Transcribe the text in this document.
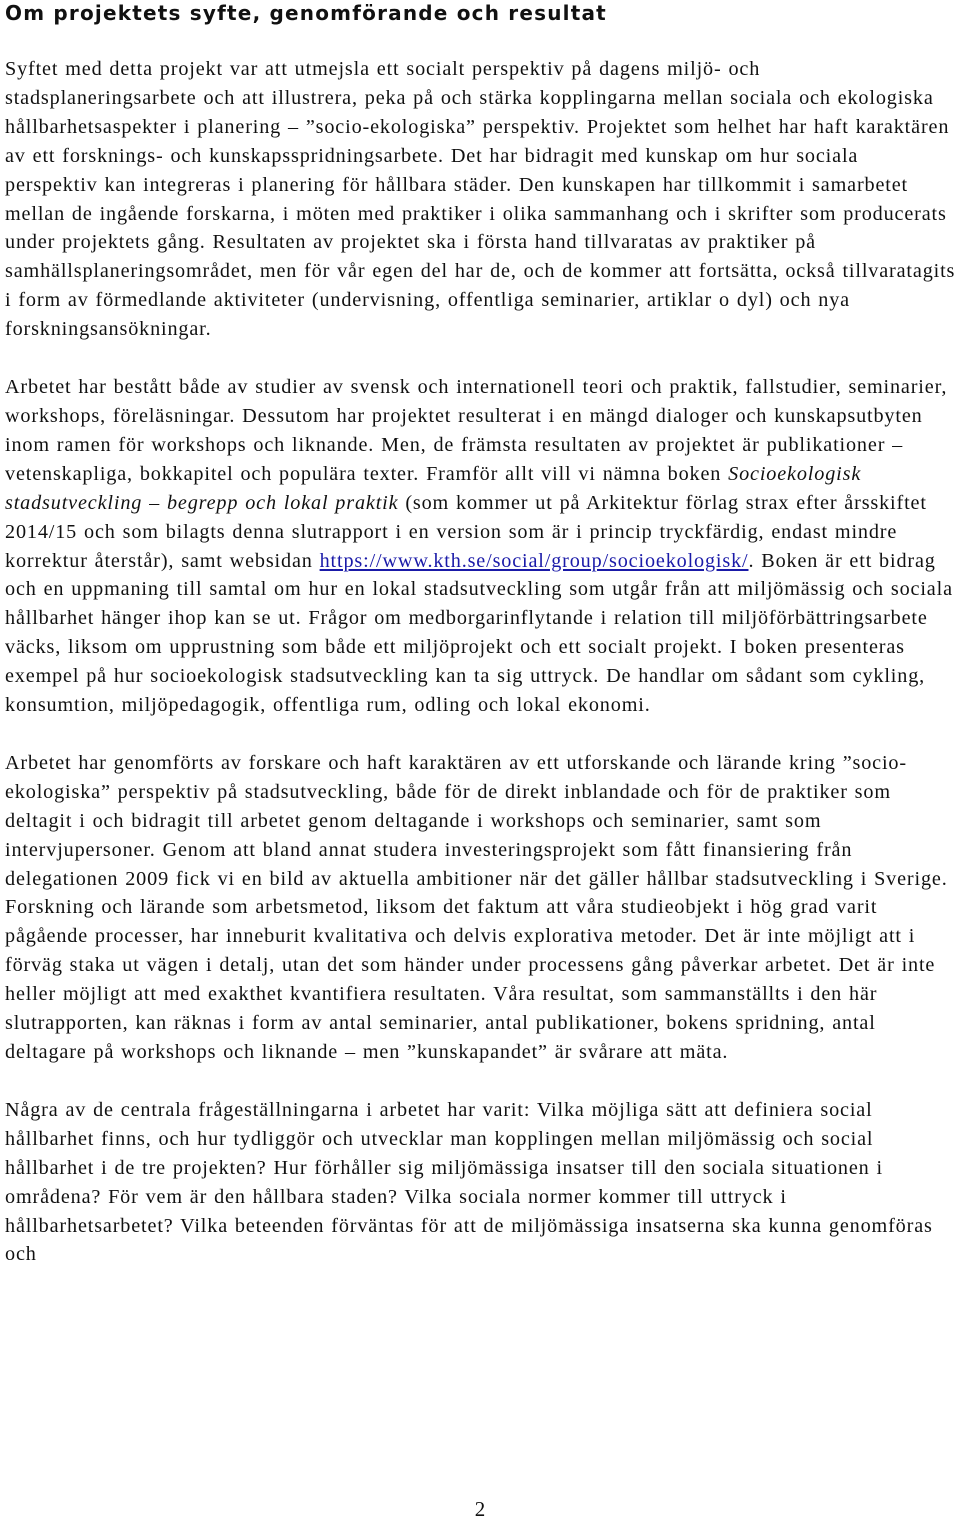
Om projektets syfte, genomförande och resultat

Syftet med detta projekt var att utmejsla ett socialt perspektiv på dagens miljö- och stadsplaneringsarbete och att illustrera, peka på och stärka kopplingarna mellan sociala och ekologiska hållbarhetsaspekter i planering – ”socio-ekologiska” perspektiv. Projektet som helhet har haft karaktären av ett forsknings- och kunskapsspridningsarbete. Det har bidragit med kunskap om hur sociala perspektiv kan integreras i planering för hållbara städer. Den kunskapen har tillkommit i samarbetet mellan de ingående forskarna, i möten med praktiker i olika sammanhang och i skrifter som producerats under projektets gång. Resultaten av projektet ska i första hand tillvaratas av praktiker på samhällsplaneringsområdet, men för vår egen del har de, och de kommer att fortsätta, också tillvaratagits i form av förmedlande aktiviteter (undervisning, offentliga seminarier, artiklar o dyl) och nya forskningsansökningar.

Arbetet har bestått både av studier av svensk och internationell teori och praktik, fallstudier, seminarier, workshops, föreläsningar. Dessutom har projektet resulterat i en mängd dialoger och kunskapsutbyten inom ramen för workshops och liknande. Men, de främsta resultaten av projektet är publikationer – vetenskapliga, bokkapitel och populära texter. Framför allt vill vi nämna boken Socioekologisk stadsutveckling – begrepp och lokal praktik (som kommer ut på Arkitektur förlag strax efter årsskiftet 2014/15 och som bilagts denna slutrapport i en version som är i princip tryckfärdig, endast mindre korrektur återstår), samt websidan https://www.kth.se/social/group/socioekologisk/. Boken är ett bidrag och en uppmaning till samtal om hur en lokal stadsutveckling som utgår från att miljömässig och sociala hållbarhet hänger ihop kan se ut. Frågor om medborgarinflytande i relation till miljöförbättringsarbete väcks, liksom om upprustning som både ett miljöprojekt och ett socialt projekt. I boken presenteras exempel på hur socioekologisk stadsutveckling kan ta sig uttryck. De handlar om sådant som cykling, konsumtion, miljöpedagogik, offentliga rum, odling och lokal ekonomi.

Arbetet har genomförts av forskare och haft karaktären av ett utforskande och lärande kring ”socio-ekologiska” perspektiv på stadsutveckling, både för de direkt inblandade och för de praktiker som deltagit i och bidragit till arbetet genom deltagande i workshops och seminarier, samt som intervjupersoner. Genom att bland annat studera investeringsprojekt som fått finansiering från delegationen 2009 fick vi en bild av aktuella ambitioner när det gäller hållbar stadsutveckling i Sverige. Forskning och lärande som arbetsmetod, liksom det faktum att våra studieobjekt i hög grad varit pågående processer, har inneburit kvalitativa och delvis explorativa metoder. Det är inte möjligt att i förväg staka ut vägen i detalj, utan det som händer under processens gång påverkar arbetet. Det är inte heller möjligt att med exakthet kvantifiera resultaten. Våra resultat, som sammanställts i den här slutrapporten, kan räknas i form av antal seminarier, antal publikationer, bokens spridning, antal deltagare på workshops och liknande – men ”kunskapandet” är svårare att mäta.

Några av de centrala frågeställningarna i arbetet har varit: Vilka möjliga sätt att definiera social hållbarhet finns, och hur tydliggör och utvecklar man kopplingen mellan miljömässig och social hållbarhet i de tre projekten? Hur förhåller sig miljömässiga insatser till den sociala situationen i områdena? För vem är den hållbara staden? Vilka sociala normer kommer till uttryck i hållbarhetsarbetet? Vilka beteenden förväntas för att de miljömässiga insatserna ska kunna genomföras och

2
